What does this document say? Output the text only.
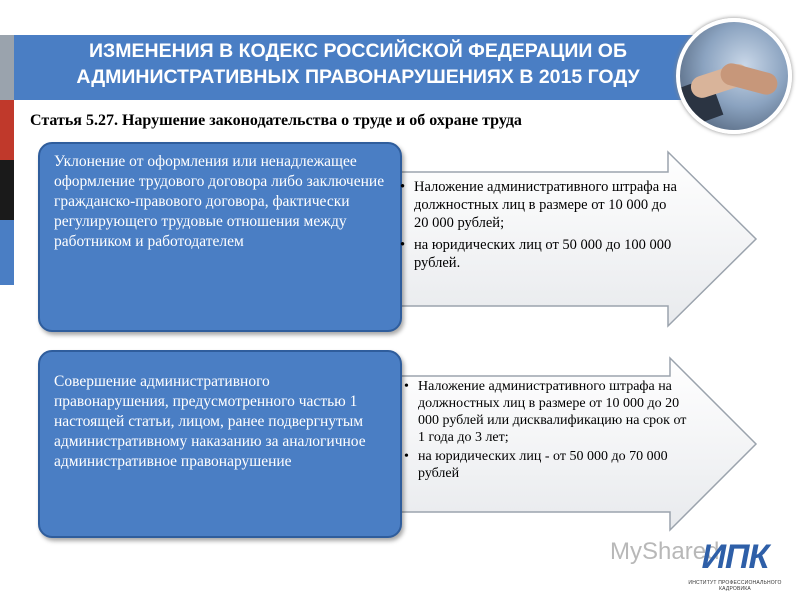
ИЗМЕНЕНИЯ В КОДЕКС РОССИЙСКОЙ ФЕДЕРАЦИИ ОБ АДМИНИСТРАТИВНЫХ ПРАВОНАРУШЕНИЯХ В 2015 ГОДУ
Статья 5.27. Нарушение законодательства о труде и об охране труда
Уклонение от оформления или ненадлежащее оформление трудового договора либо заключение гражданско-правового договора, фактически регулирующего трудовые отношения между работником и работодателем
• Наложение административного штрафа на должностных лиц в размере от 10 000 до 20 000 рублей;
• на юридических лиц от 50 000 до 100 000 рублей.
Совершение административного правонарушения, предусмотренного частью 1 настоящей статьи, лицом, ранее подвергнутым административному наказанию за аналогичное административное правонарушение
• Наложение административного штрафа на должностных лиц в размере от 10 000 до 20 000 рублей или дисквалификацию на срок от 1 года до 3 лет;
• на юридических лиц - от 50 000 до 70 000 рублей
MyShared
ИПК
ИНСТИТУТ ПРОФЕССИОНАЛЬНОГО КАДРОВИКА
